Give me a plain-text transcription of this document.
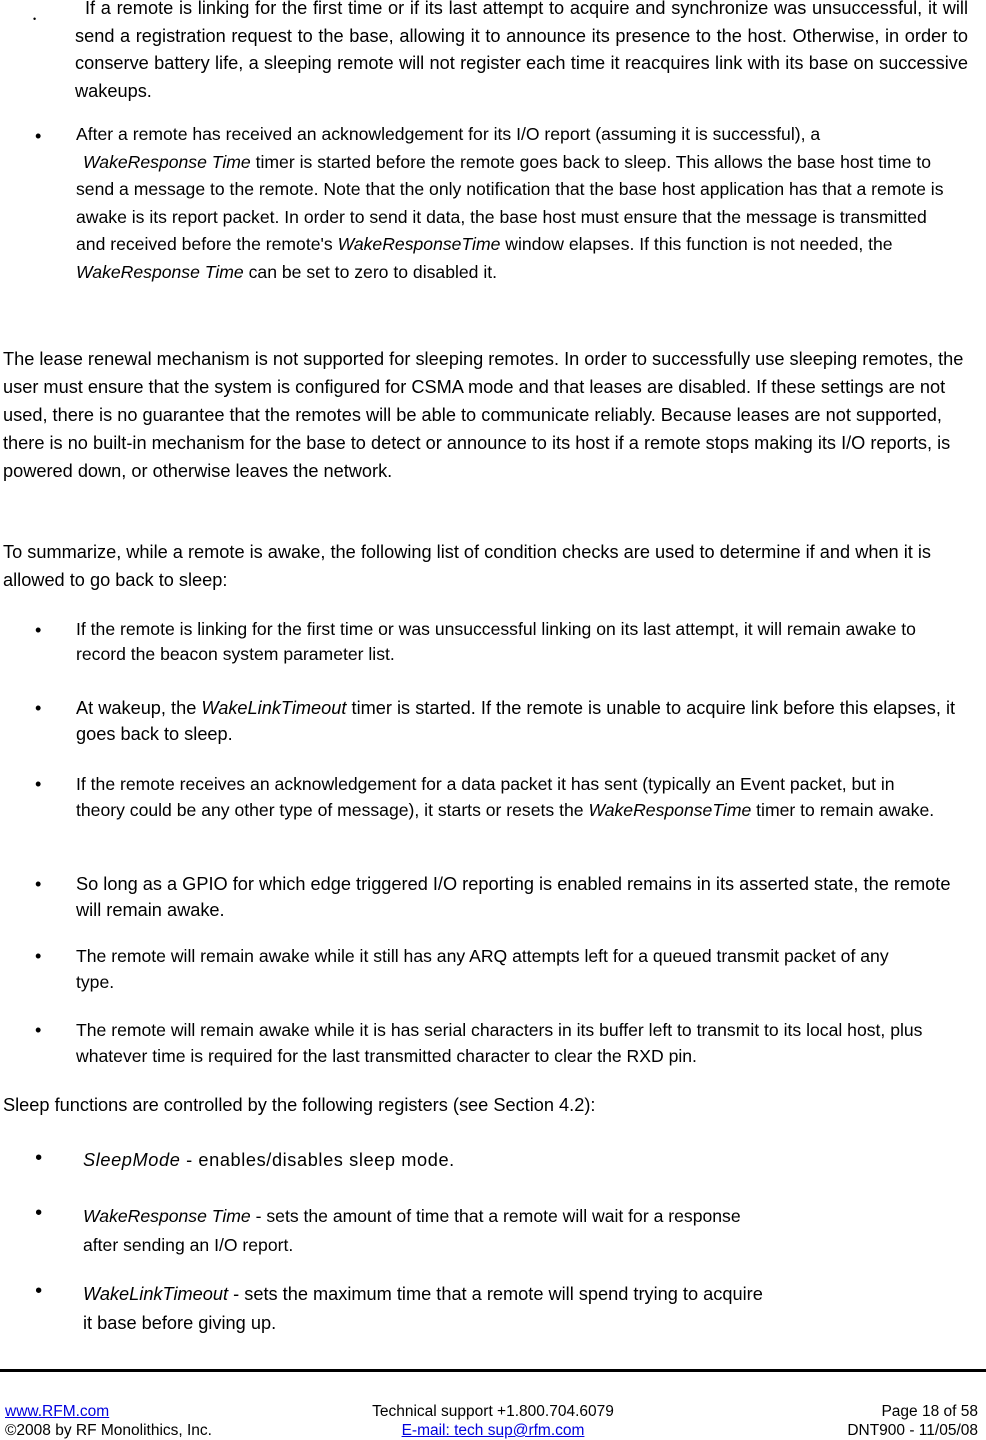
•

If a remote is linking for the first time or if its last attempt to acquire and synchronize was unsuccessful, it will send a registration request to the base, allowing it to announce its presence to the host. Otherwise, in order to conserve battery life, a sleeping remote will not register each time it reacquires link with its base on successive wakeups.

• After a remote has received an acknowledgement for its I/O report (assuming it is successful), a
WakeResponse Time timer is started before the remote goes back to sleep. This allows the base host time to send a message to the remote. Note that the only notification that the base host application has that a remote is awake is its report packet. In order to send it data, the base host must ensure that the message is transmitted and received before the remote's WakeResponseTime window elapses. If this function is not needed, the WakeResponse Time can be set to zero to disabled it.

The lease renewal mechanism is not supported for sleeping remotes. In order to successfully use sleeping remotes, the user must ensure that the system is configured for CSMA mode and that leases are disabled. If these settings are not used, there is no guarantee that the remotes will be able to communicate reliably. Because leases are not supported, there is no built-in mechanism for the base to detect or announce to its host if a remote stops making its I/O reports, is powered down, or otherwise leaves the network.

To summarize, while a remote is awake, the following list of condition checks are used to determine if and when it is allowed to go back to sleep:

• If the remote is linking for the first time or was unsuccessful linking on its last attempt, it will remain awake to record the beacon system parameter list.

• At wakeup, the WakeLinkTimeout timer is started. If the remote is unable to acquire link before this elapses, it goes back to sleep.

• If the remote receives an acknowledgement for a data packet it has sent (typically an Event packet, but in theory could be any other type of message), it starts or resets the WakeResponseTime timer to remain awake.

• So long as a GPIO for which edge triggered I/O reporting is enabled remains in its asserted state, the remote will remain awake.

• The remote will remain awake while it still has any ARQ attempts left for a queued transmit packet of any type.

• The remote will remain awake while it is has serial characters in its buffer left to transmit to its local host, plus whatever time is required for the last transmitted character to clear the RXD pin.

Sleep functions are controlled by the following registers (see Section 4.2):

• SleepMode - enables/disables sleep mode.

• WakeResponse Time - sets the amount of time that a remote will wait for a response after sending an I/O report.

• WakeLinkTimeout - sets the maximum time that a remote will spend trying to acquire it base before giving up.

www.RFM.com
©2008 by RF Monolithics, Inc.
Technical support +1.800.704.6079
E-mail: tech sup@rfm.com
Page 18 of 58
DNT900 - 11/05/08
